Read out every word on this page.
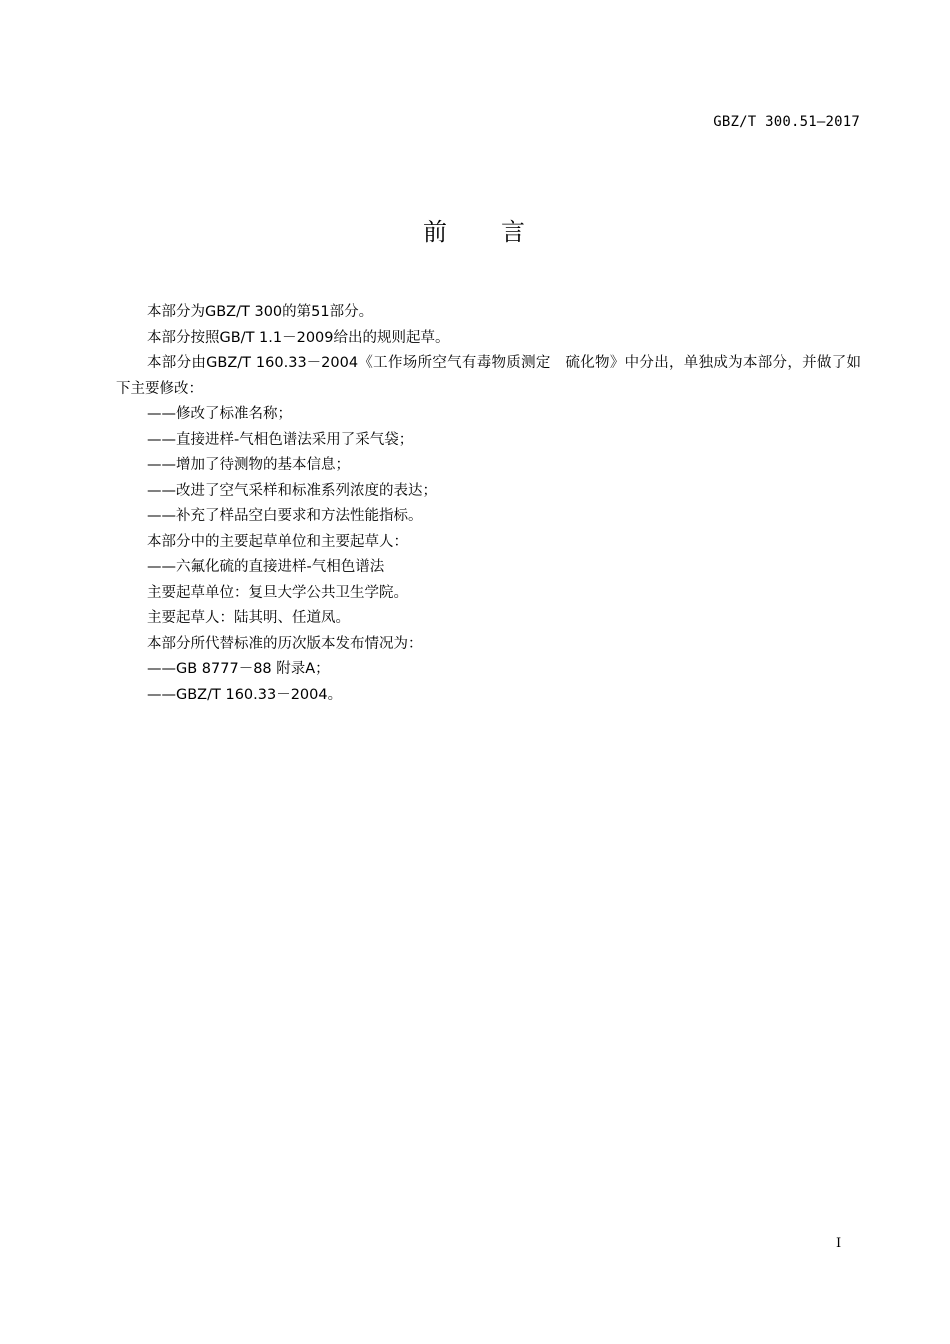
GBZ/T 300.51—2017
前　　言

本部分为GBZ/T 300的第51部分。

本部分按照GB/T 1.1－2009给出的规则起草。

本部分由GBZ/T 160.33－2004《工作场所空气有毒物质测定　硫化物》中分出，单独成为本部分，并做了如下主要修改：

——修改了标准名称；

——直接进样-气相色谱法采用了采气袋；

——增加了待测物的基本信息；

——改进了空气采样和标准系列浓度的表达；

——补充了样品空白要求和方法性能指标。

本部分中的主要起草单位和主要起草人：

——六氟化硫的直接进样-气相色谱法

主要起草单位：复旦大学公共卫生学院。

主要起草人：陆其明、任道凤。

本部分所代替标准的历次版本发布情况为：

——GB 8777－88 附录A；

——GBZ/T 160.33－2004。

I
